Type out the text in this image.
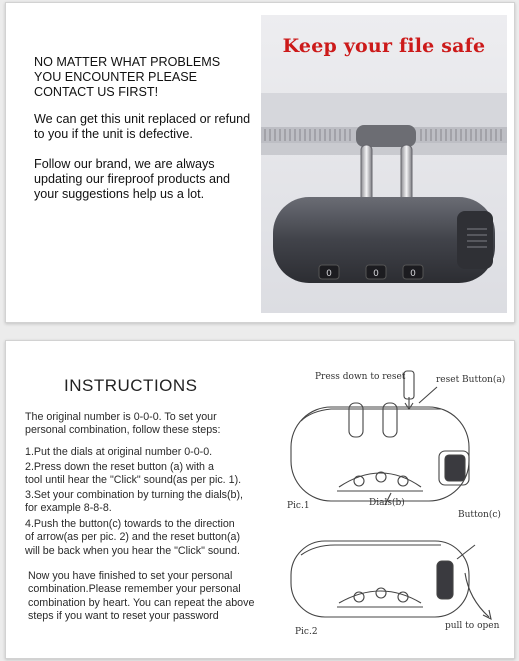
NO MATTER WHAT PROBLEMS
YOU ENCOUNTER PLEASE
CONTACT US FIRST!
We can get this unit replaced or refund
to you if the unit is defective.
Follow our brand, we are always
updating our fireproof products and
your suggestions help us a lot.
0	0	0
Keep your file safe
INSTRUCTIONS
The original number is 0-0-0. To set your
personal combination, follow these steps:
1.Put the dials at original number 0-0-0.
2.Press down the reset button (a) with a
tool until hear the "Click" sound(as per pic. 1).
3.Set your combination by turning the dials(b),
for example 8-8-8.
4.Push the button(c) towards to the direction
of arrow(as per pic. 2) and the reset button(a)
will be back when you hear the "Click" sound.
Now you have finished to set your personal
combination.Please remember your personal
combination by heart. You can repeat the above
steps if you want to reset your password
Press down to reset	reset Button(a)
Dials(b)
Pic.1
Button(c)
pull to open
Pic.2
